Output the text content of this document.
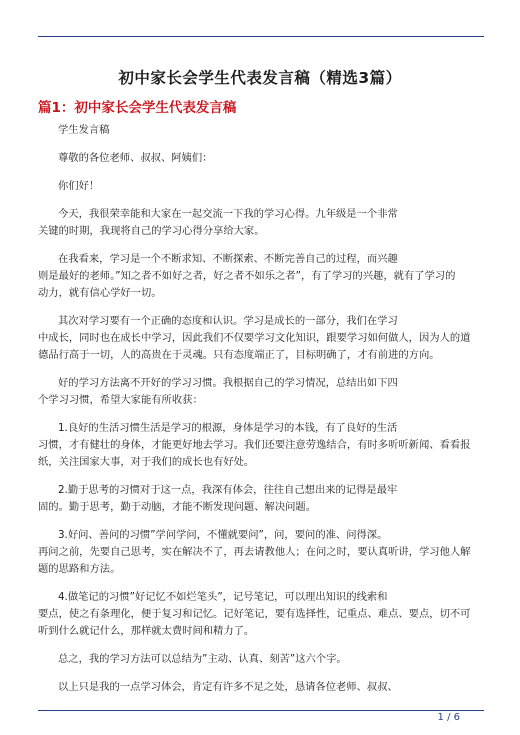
初中家长会学生代表发言稿（精选3篇）
篇1：初中家长会学生代表发言稿
学生发言稿
尊敬的各位老师、叔叔、阿姨们：
你们好！
今天，我很荣幸能和大家在一起交流一下我的学习心得。九年级是一个非常
关键的时期，我现将自己的学习心得分享给大家。
在我看来，学习是一个不断求知、不断探索、不断完善自己的过程，而兴趣
则是最好的老师。”知之者不如好之者，好之者不如乐之者”，有了学习的兴趣，就有了学习的
动力，就有信心学好一切。
其次对学习要有一个正确的态度和认识。学习是成长的一部分，我们在学习
中成长，同时也在成长中学习，因此我们不仅要学习文化知识，跟要学习如何做人，因为人的道
德品行高于一切，人的高贵在于灵魂。只有态度端正了，目标明确了，才有前进的方向。
好的学习方法离不开好的学习习惯。我根据自己的学习情况，总结出如下四
个学习习惯，希望大家能有所收获：
1.良好的生活习惯生活是学习的根源，身体是学习的本钱，有了良好的生活
习惯，才有健壮的身体，才能更好地去学习。我们还要注意劳逸结合，有时多听听新闻、看看报
纸，关注国家大事，对于我们的成长也有好处。
2.勤于思考的习惯对于这一点，我深有体会，往往自己想出来的记得是最牢
固的。勤于思考，勤于动脑，才能不断发现问题、解决问题。
3.好问、善问的习惯”学问学问，不懂就要问”，问，要问的准、问得深。
再问之前，先要自己思考，实在解决不了，再去请教他人；在问之时，要认真听讲，学习他人解
题的思路和方法。
4.做笔记的习惯”好记忆不如烂笔头”，记号笔记，可以理出知识的线索和
要点，使之有条理化，便于复习和记忆。记好笔记，要有选择性，记重点、难点、要点，切不可
听到什么就记什么，那样就太费时间和精力了。
总之，我的学习方法可以总结为”主动、认真、刻苦”这六个字。
以上只是我的一点学习体会，肯定有许多不足之处，恳请各位老师、叔叔、
1 / 6
